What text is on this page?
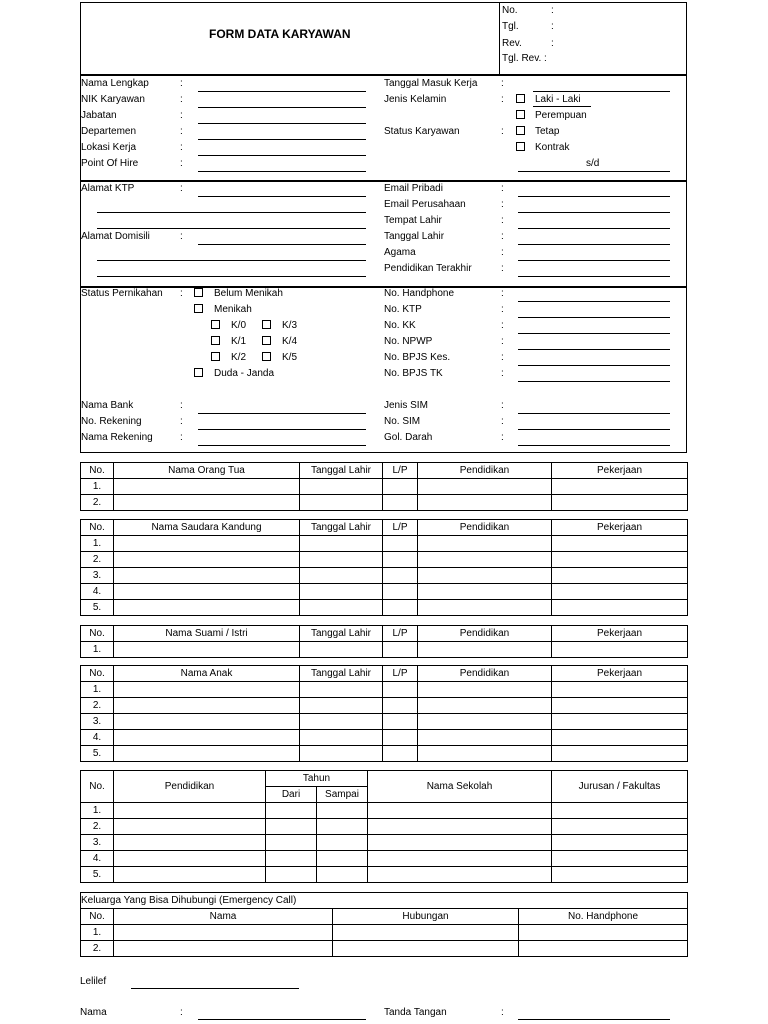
FORM DATA KARYAWAN
No.	:
Tgl.	:
Rev.	:
Tgl. Rev. :
Nama Lengkap	:
NIK Karyawan	:
Jabatan	:
Departemen	:
Lokasi Kerja	:
Point Of Hire	:
Tanggal Masuk Kerja :
Jenis Kelamin	:	Laki - Laki
Perempuan
Status Karyawan	:	Tetap
Kontrak
s/d
Alamat KTP	:
Alamat Domisili	:
Email Pribadi	:
Email Perusahaan	:
Tempat Lahir	:
Tanggal Lahir	:
Agama	:
Pendidikan Terakhir	:
Status Pernikahan :	Belum Menikah
Menikah
K/0	K/3
K/1	K/4
K/2	K/5
Duda - Janda
No. Handphone	:
No. KTP	:
No. KK	:
No. NPWP	:
No. BPJS Kes.	:
No. BPJS TK	:
Nama Bank	:
No. Rekening	:
Nama Rekening	:
Jenis SIM	:
No. SIM	:
Gol. Darah	:
No.	Nama Orang Tua	Tanggal Lahir	L/P	Pendidikan	Pekerjaan
1.					
2.					
No.	Nama Saudara Kandung	Tanggal Lahir	L/P	Pendidikan	Pekerjaan
1.					
2.					
3.					
4.					
5.					
No.	Nama Suami / Istri	Tanggal Lahir	L/P	Pendidikan	Pekerjaan
1.					
No.	Nama Anak	Tanggal Lahir	L/P	Pendidikan	Pekerjaan
1.					
2.					
3.					
4.					
5.					
No.	Pendidikan	Tahun		Nama Sekolah	Jurusan / Fakultas
		Dari	Sampai		
1.					
2.					
3.					
4.					
5.					
Keluarga Yang Bisa Dihubungi (Emergency Call)			
No.	Nama	Hubungan	No. Handphone
1.			
2.			
Lelilef
Nama	:	Tanda Tangan	:
